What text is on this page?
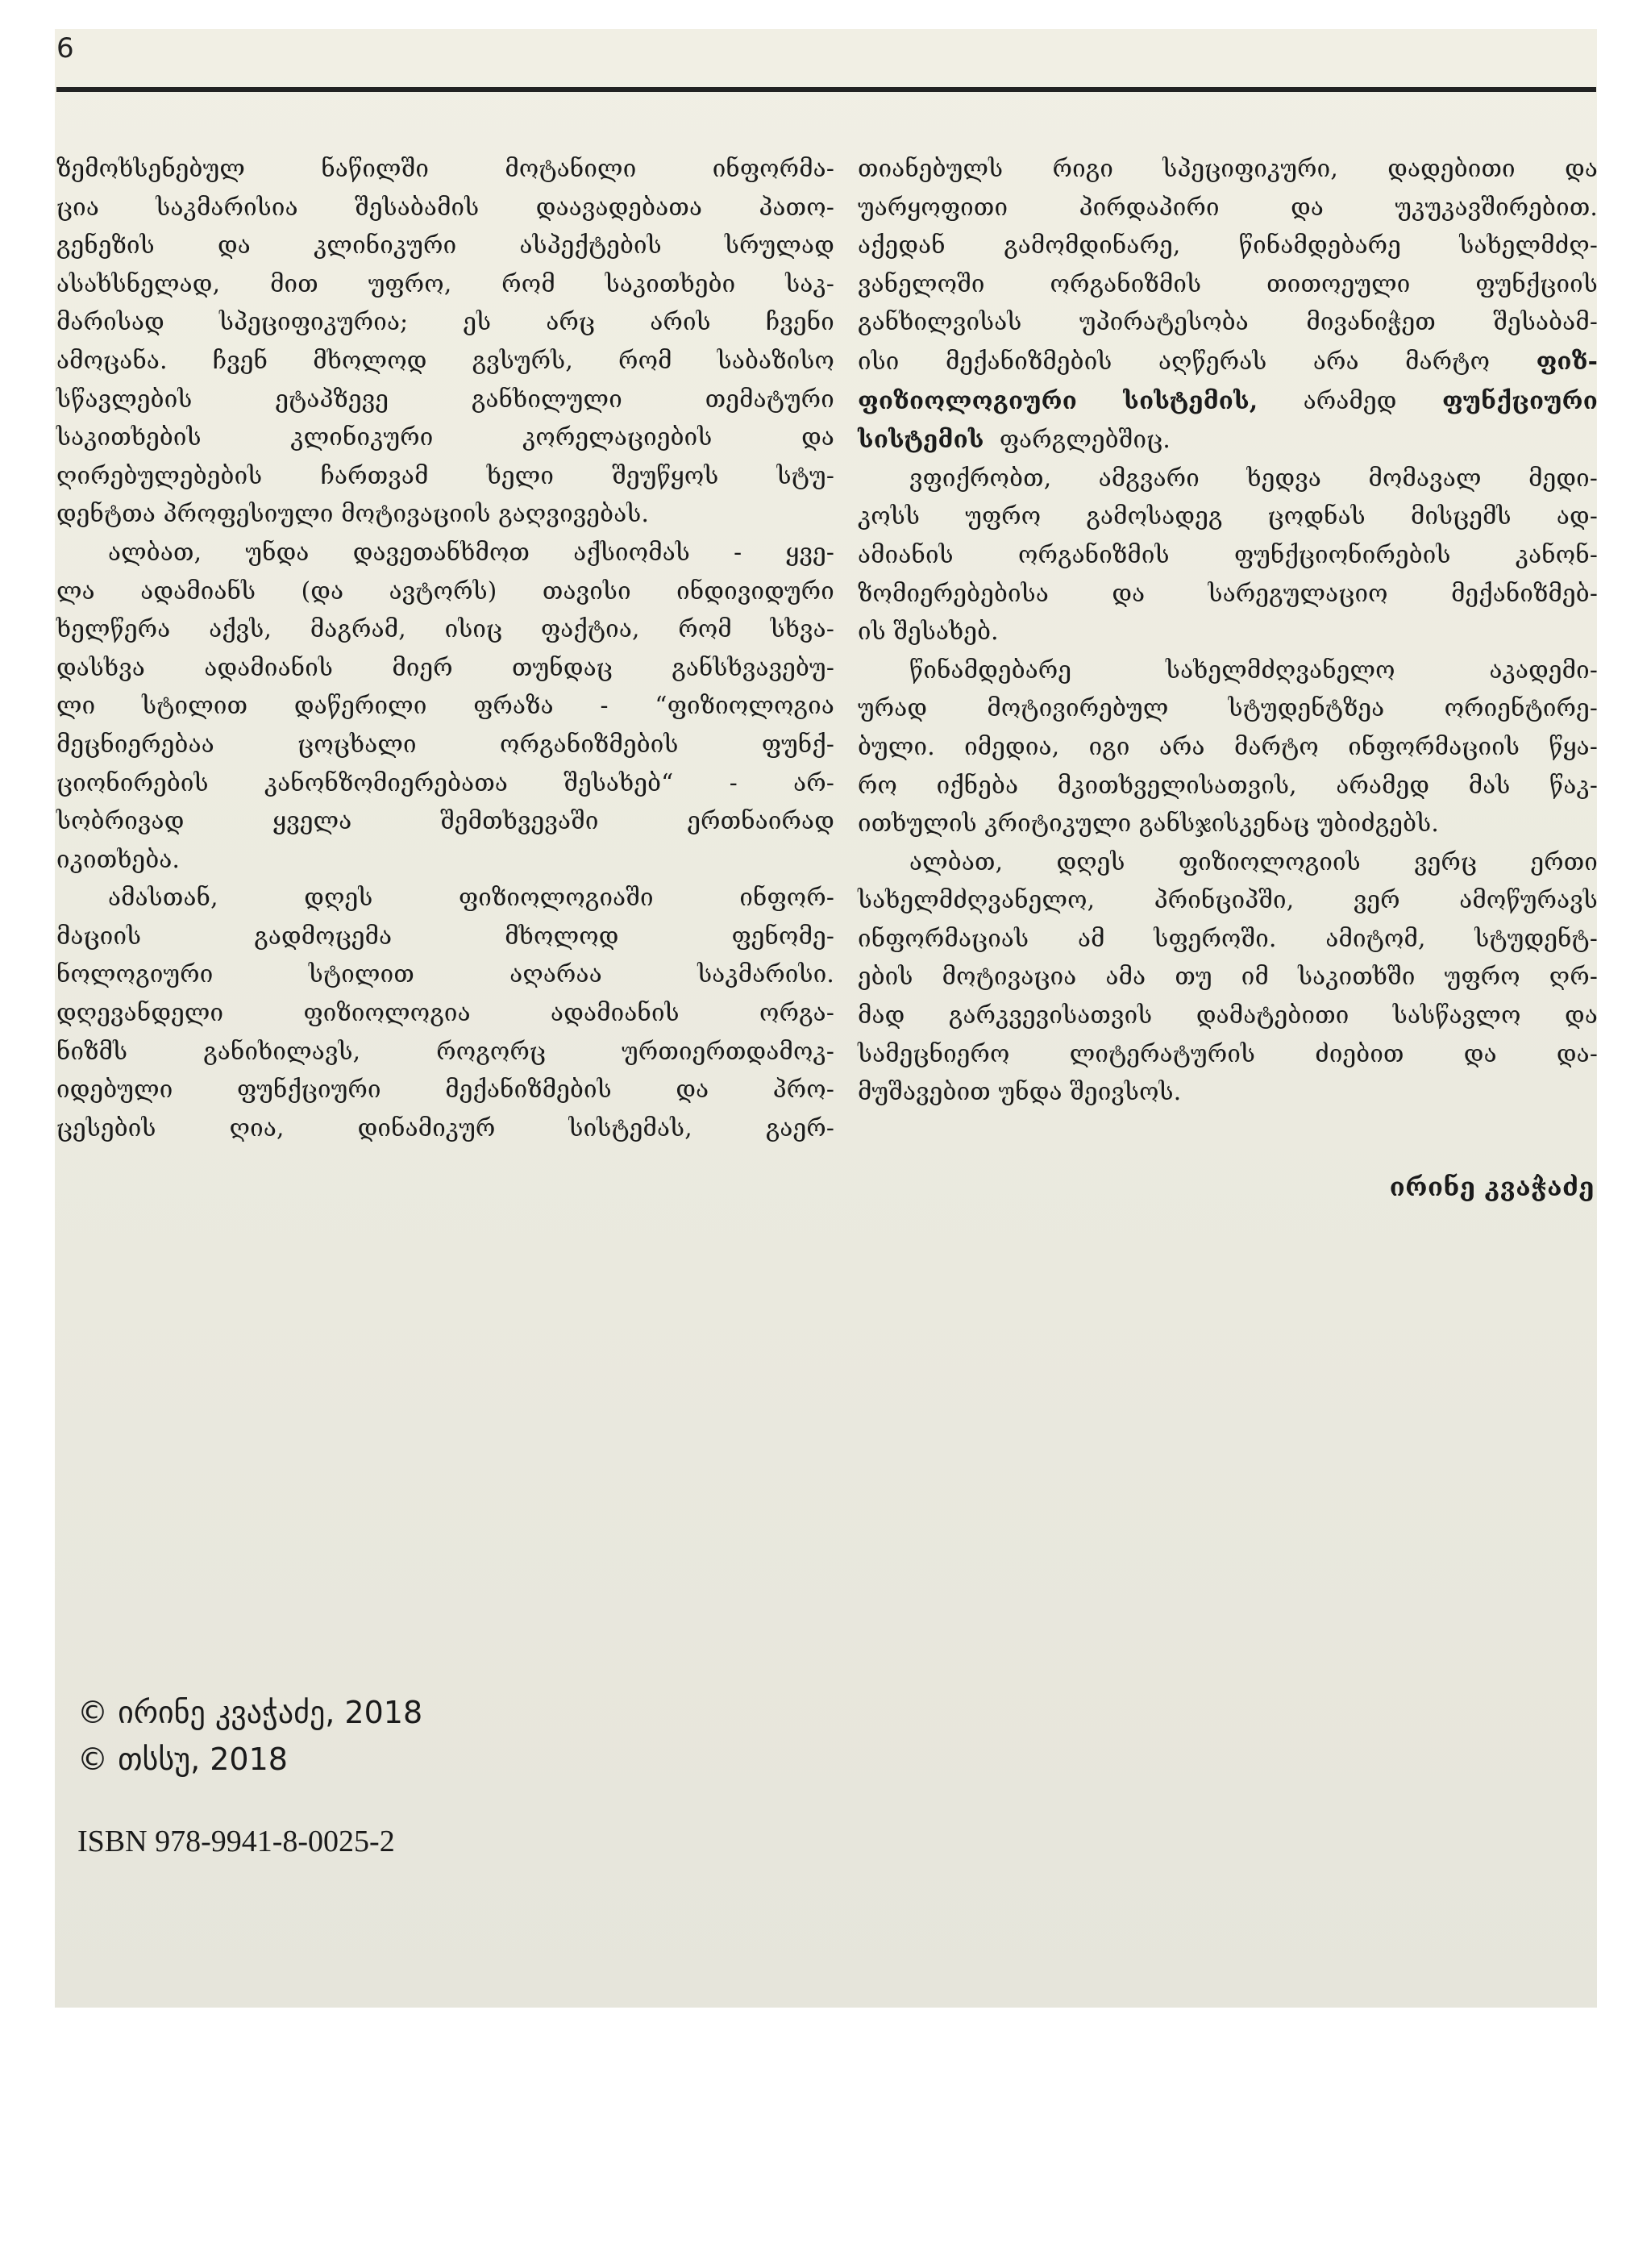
6

ზემოხსენებულ ნაწილში მოტანილი ინფორმა-

ცია საკმარისია შესაბამის დაავადებათა პათო-

გენეზის და კლინიკური ასპექტების სრულად

ასახსნელად, მით უფრო, რომ საკითხები საკ-

მარისად სპეციფიკურია; ეს არც არის ჩვენი

ამოცანა. ჩვენ მხოლოდ გვსურს, რომ საბაზისო

სწავლების ეტაპზევე განხილული თემატური

საკითხების კლინიკური კორელაციების და

ღირებულებების ჩართვამ ხელი შეუწყოს სტუ-

დენტთა პროფესიული მოტივაციის გაღვივებას.

ალბათ, უნდა დავეთანხმოთ აქსიომას - ყვე-

ლა ადამიანს (და ავტორს) თავისი ინდივიდური

ხელწერა აქვს, მაგრამ, ისიც ფაქტია, რომ სხვა-

დასხვა ადამიანის მიერ თუნდაც განსხვავებუ-

ლი სტილით დაწერილი ფრაზა - “ფიზიოლოგია

მეცნიერებაა ცოცხალი ორგანიზმების ფუნქ-

ციონირების კანონზომიერებათა შესახებ“ - არ-

სობრივად ყველა შემთხვევაში ერთნაირად

იკითხება.

ამასთან, დღეს ფიზიოლოგიაში ინფორ-

მაციის გადმოცემა მხოლოდ ფენომე-

ნოლოგიური სტილით აღარაა საკმარისი.

დღევანდელი ფიზიოლოგია ადამიანის ორგა-

ნიზმს განიხილავს, როგორც ურთიერთდამოკ-

იდებული ფუნქციური მექანიზმების და პრო-

ცესების ღია, დინამიკურ სისტემას, გაერ-

თიანებულს რიგი სპეციფიკური, დადებითი და

უარყოფითი პირდაპირი და უკუკავშირებით.

აქედან გამომდინარე, წინამდებარე სახელმძღ-

ვანელოში ორგანიზმის თითოეული ფუნქციის

განხილვისას უპირატესობა მივანიჭეთ შესაბამ-

ისი მექანიზმების აღწერას არა მარტო ფიზ-

ფიზიოლოგიური სისტემის, არამედ ფუნქციური

სისტემის ფარგლებშიც.

ვფიქრობთ, ამგვარი ხედვა მომავალ მედი-

კოსს უფრო გამოსადეგ ცოდნას მისცემს ად-

ამიანის ორგანიზმის ფუნქციონირების კანონ-

ზომიერებებისა და სარეგულაციო მექანიზმებ-

ის შესახებ.

წინამდებარე სახელმძღვანელო აკადემი-

ურად მოტივირებულ სტუდენტზეა ორიენტირე-

ბული. იმედია, იგი არა მარტო ინფორმაციის წყა-

რო იქნება მკითხველისათვის, არამედ მას წაკ-

ითხულის კრიტიკული განსჯისკენაც უბიძგებს.

ალბათ, დღეს ფიზიოლოგიის ვერც ერთი

სახელმძღვანელო, პრინციპში, ვერ ამოწურავს

ინფორმაციას ამ სფეროში. ამიტომ, სტუდენტ-

ების მოტივაცია ამა თუ იმ საკითხში უფრო ღრ-

მად გარკვევისათვის დამატებითი სასწავლო და

სამეცნიერო ლიტერატურის ძიებით და და-

მუშავებით უნდა შეივსოს.

ირინე კვაჭაძე
© ირინე კვაჭაძე, 2018
© თსსუ, 2018
ISBN 978-9941-8-0025-2
